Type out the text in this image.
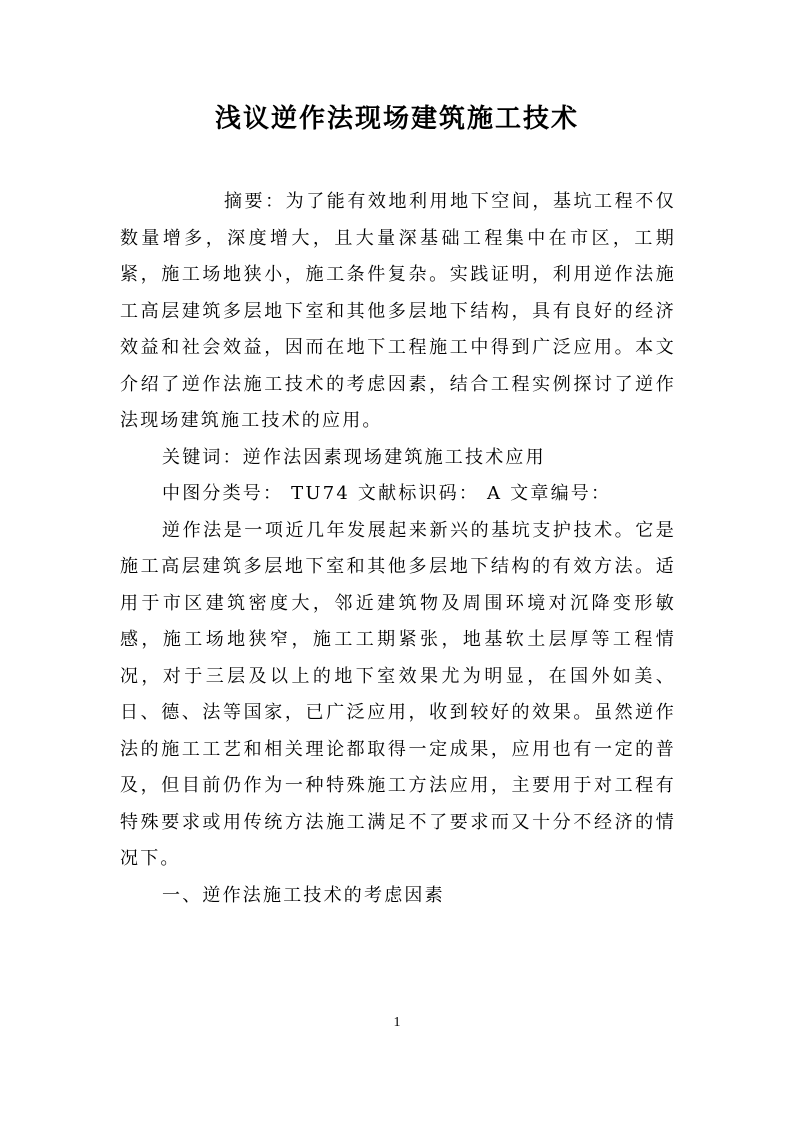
浅议逆作法现场建筑施工技术

摘要：为了能有效地利用地下空间，基坑工程不仅数量增多，深度增大，且大量深基础工程集中在市区，工期紧，施工场地狭小，施工条件复杂。实践证明，利用逆作法施工高层建筑多层地下室和其他多层地下结构，具有良好的经济效益和社会效益，因而在地下工程施工中得到广泛应用。本文介绍了逆作法施工技术的考虑因素，结合工程实例探讨了逆作法现场建筑施工技术的应用。

关键词：逆作法因素现场建筑施工技术应用

中图分类号： TU74 文献标识码： A 文章编号：

逆作法是一项近几年发展起来新兴的基坑支护技术。它是施工高层建筑多层地下室和其他多层地下结构的有效方法。适用于市区建筑密度大，邻近建筑物及周围环境对沉降变形敏感，施工场地狭窄，施工工期紧张，地基软土层厚等工程情况，对于三层及以上的地下室效果尤为明显，在国外如美、日、德、法等国家，已广泛应用，收到较好的效果。虽然逆作法的施工工艺和相关理论都取得一定成果，应用也有一定的普及，但目前仍作为一种特殊施工方法应用，主要用于对工程有特殊要求或用传统方法施工满足不了要求而又十分不经济的情况下。

一、逆作法施工技术的考虑因素

1
